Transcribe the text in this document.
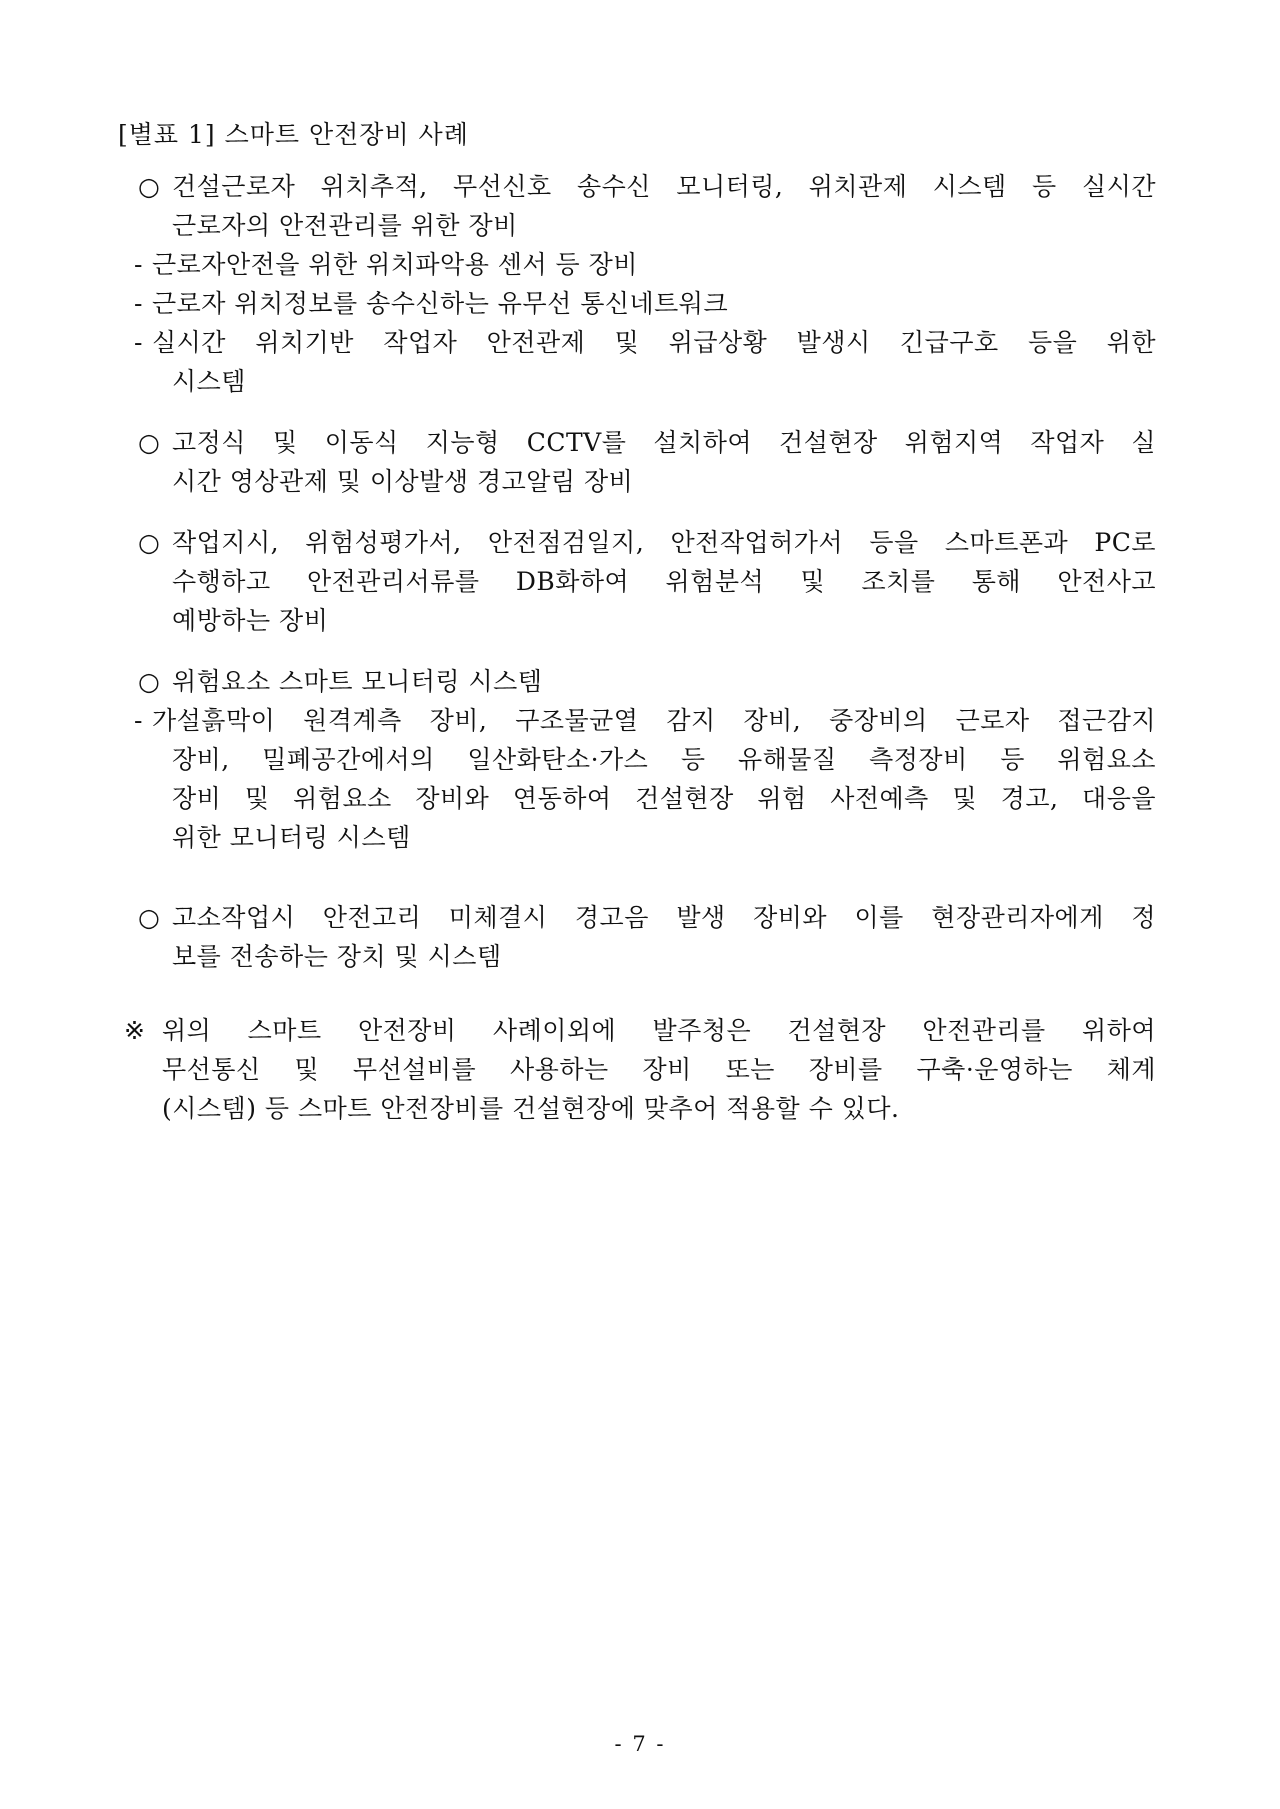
[별표 1] 스마트 안전장비 사례
○ 건설근로자 위치추적, 무선신호 송수신 모니터링, 위치관제 시스템 등 실시간
근로자의 안전관리를 위한 장비
- 근로자안전을 위한 위치파악용 센서 등 장비
- 근로자 위치정보를 송수신하는 유무선 통신네트워크
- 실시간 위치기반 작업자 안전관제 및 위급상황 발생시 긴급구호 등을 위한
시스템
○ 고정식 및 이동식 지능형 CCTV를 설치하여 건설현장 위험지역 작업자 실
시간 영상관제 및 이상발생 경고알림 장비
○ 작업지시, 위험성평가서, 안전점검일지, 안전작업허가서 등을 스마트폰과 PC로
수행하고 안전관리서류를 DB화하여 위험분석 및 조치를 통해 안전사고
예방하는 장비
○ 위험요소 스마트 모니터링 시스템
- 가설흙막이 원격계측 장비, 구조물균열 감지 장비, 중장비의 근로자 접근감지
장비, 밀폐공간에서의 일산화탄소·가스 등 유해물질 측정장비 등 위험요소
장비 및 위험요소 장비와 연동하여 건설현장 위험 사전예측 및 경고, 대응을
위한 모니터링 시스템
○ 고소작업시 안전고리 미체결시 경고음 발생 장비와 이를 현장관리자에게 정
보를 전송하는 장치 및 시스템
※ 위의 스마트 안전장비 사례이외에 발주청은 건설현장 안전관리를 위하여
무선통신 및 무선설비를 사용하는 장비 또는 장비를 구축·운영하는 체계
(시스템) 등 스마트 안전장비를 건설현장에 맞추어 적용할 수 있다.
- 7 -
